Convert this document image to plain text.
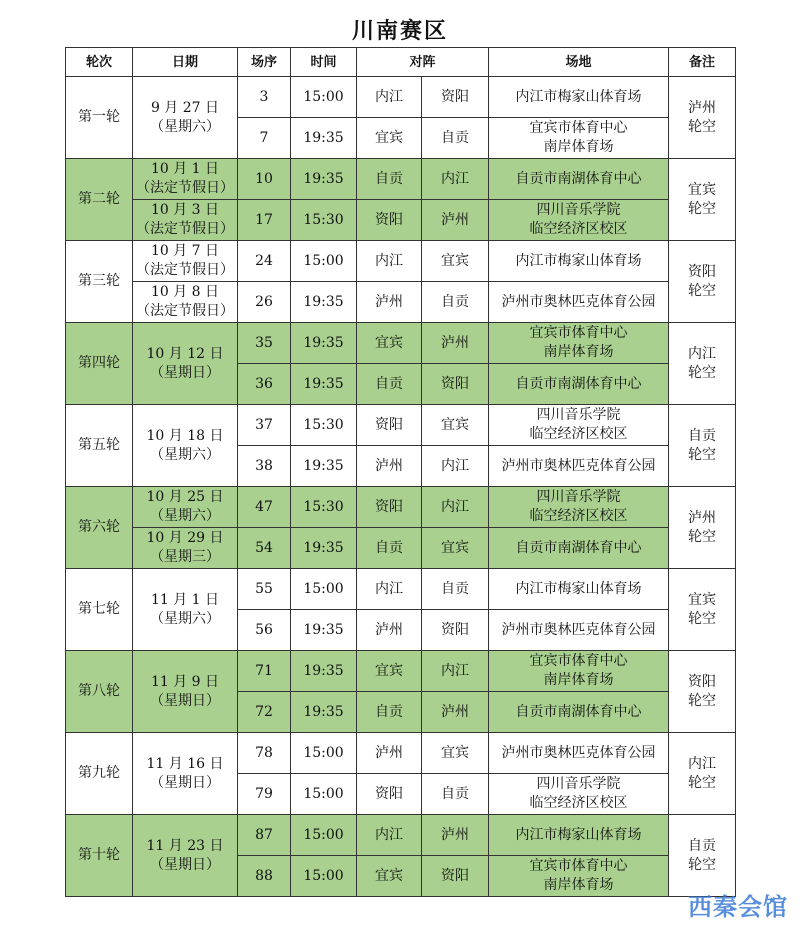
川南赛区
轮次	日期	场序	时间	对阵		场地	备注
第一轮	9 月 27 日
（星期六）	3	15:00	内江	资阳	内江市梅家山体育场	泸州
轮空

		7	19:35	宜宾	自贡	宜宾市体育中心
南岸体育场	

第二轮	10 月 1 日
（法定节假日）	10	19:35	自贡	内江	自贡市南湖体育中心	宜宾
轮空

	10 月 3 日
（法定节假日）	17	15:30	资阳	泸州	四川音乐学院
临空经济区校区	

第三轮	10 月 7 日
（法定节假日）	24	15:00	内江	宜宾	内江市梅家山体育场	资阳
轮空

	10 月 8 日
（法定节假日）	26	19:35	泸州	自贡	泸州市奥林匹克体育公园	

第四轮	10 月 12 日
（星期日）	35	19:35	宜宾	泸州	宜宾市体育中心
南岸体育场	内江
轮空

		36	19:35	自贡	资阳	自贡市南湖体育中心	

第五轮	10 月 18 日
（星期六）	37	15:30	资阳	宜宾	四川音乐学院
临空经济区校区	自贡
轮空

		38	19:35	泸州	内江	泸州市奥林匹克体育公园	

第六轮	10 月 25 日
（星期六）	47	15:30	资阳	内江	四川音乐学院
临空经济区校区	泸州
轮空

	10 月 29 日
（星期三）	54	19:35	自贡	宜宾	自贡市南湖体育中心	

第七轮	11 月 1 日
（星期六）	55	15:00	内江	自贡	内江市梅家山体育场	宜宾
轮空

		56	19:35	泸州	资阳	泸州市奥林匹克体育公园	

第八轮	11 月 9 日
（星期日）	71	19:35	宜宾	内江	宜宾市体育中心
南岸体育场	资阳
轮空

		72	19:35	自贡	泸州	自贡市南湖体育中心	

第九轮	11 月 16 日
（星期日）	78	15:00	泸州	宜宾	泸州市奥林匹克体育公园	内江
轮空

		79	15:00	资阳	自贡	四川音乐学院
临空经济区校区	

第十轮	11 月 23 日
（星期日）	87	15:00	内江	泸州	内江市梅家山体育场	自贡
轮空

		88	15:00	宜宾	资阳	宜宾市体育中心
南岸体育场	
西秦会馆
